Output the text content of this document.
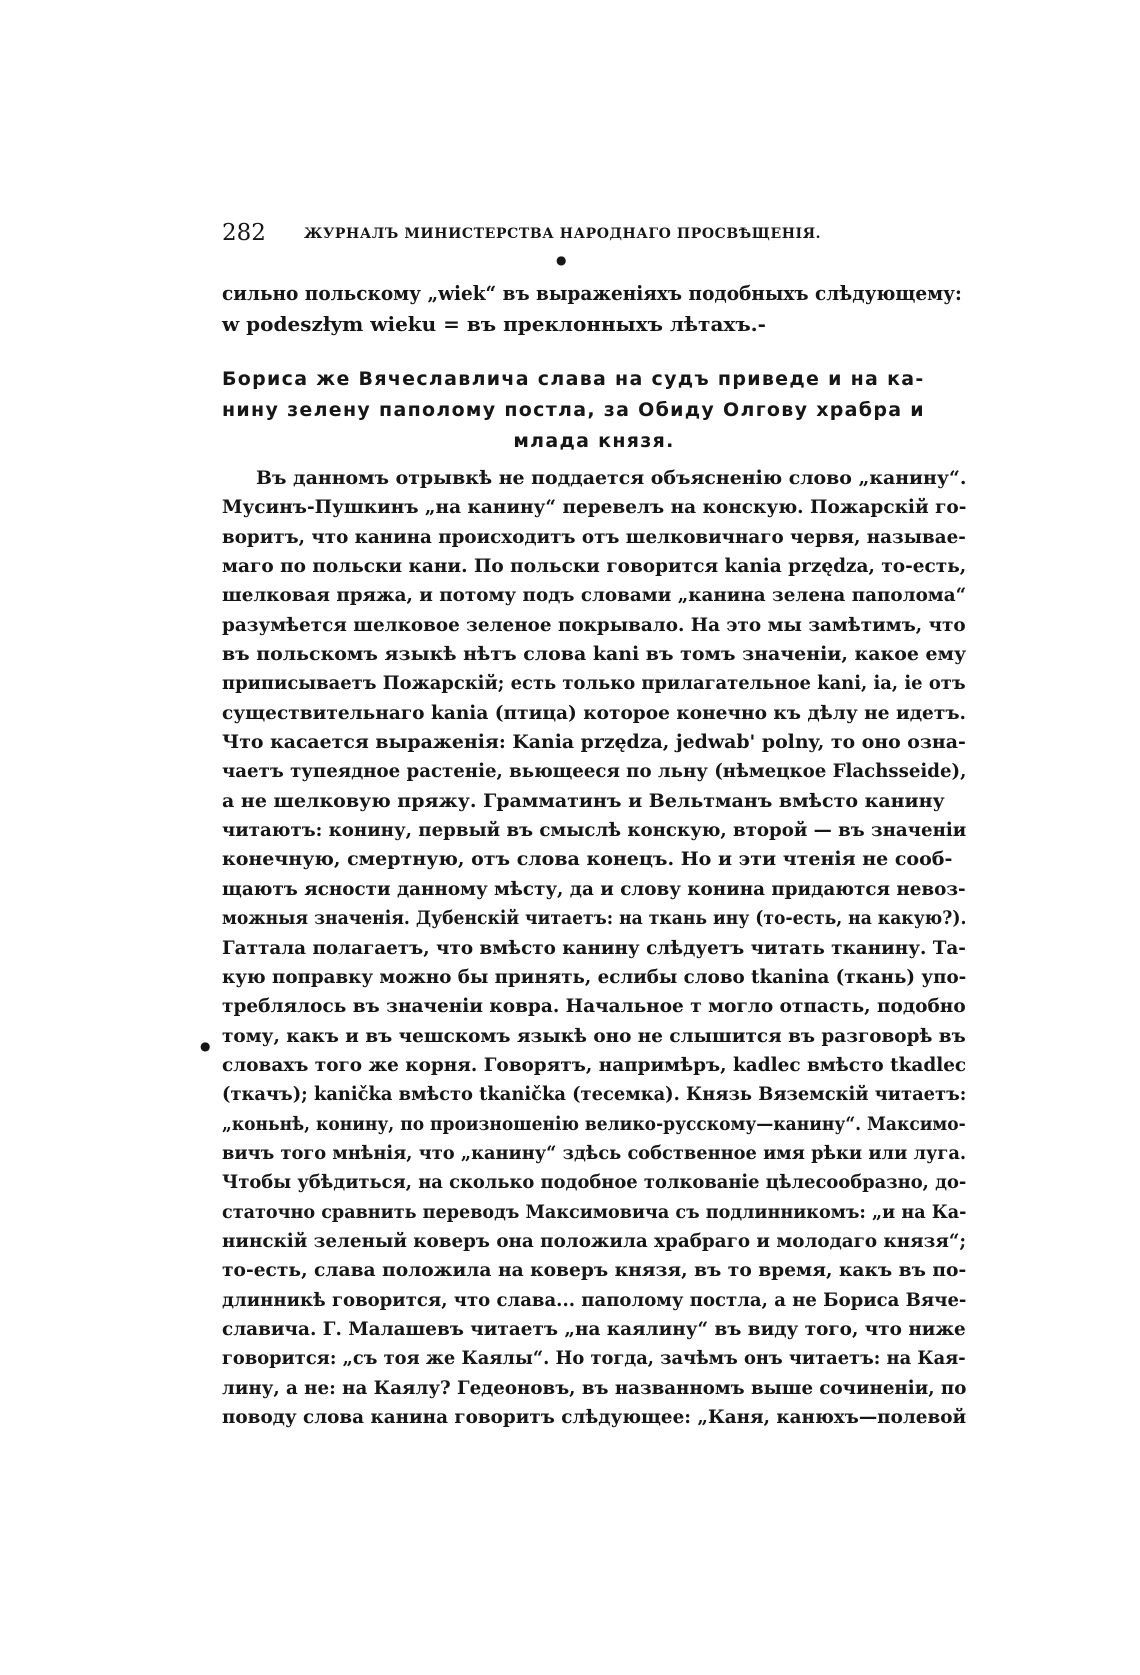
282	ЖУРНАЛЪ МИНИСТЕРСТВА НАРОДНАГО ПРОСВѢЩЕНІЯ.
●
●

сильно польскому „wiek“ въ выраженіяхъ подобныхъ слѣдующему:

w podeszłym wieku = въ преклонныхъ лѣтахъ.-

Бориса же Вячеславлича слава на судъ приведе и на ка-

нину зелену паполому постла, за Обиду Олгову храбра и

млада князя.

Въ данномъ отрывкѣ не поддается объясненію слово „канину“.

Мусинъ-Пушкинъ „на канину“ перевелъ на конскую. Пожарскій го-

воритъ, что канина происходитъ отъ шелковичнаго червя, называе-

маго по польски кани. По польски говорится kania przędza, то-есть,

шелковая пряжа, и потому подъ словами „канина зелена паполома“

разумѣется шелковое зеленое покрывало. На это мы замѣтимъ, что

въ польскомъ языкѣ нѣтъ слова kani въ томъ значеніи, какое ему

приписываетъ Пожарскій; есть только прилагательное kani, ia, ie отъ

существительнаго kania (птица) которое конечно къ дѣлу не идетъ.

Что касается выраженія: Kania przędza, jedwab' polny, то оно озна-

чаетъ тупеядное растеніе, вьющееся по льну (нѣмецкое Flachsseide),

а не шелковую пряжу. Грамматинъ и Вельтманъ вмѣсто канину

читаютъ: конину, первый въ смыслѣ конскую, второй — въ значеніи

конечную, смертную, отъ слова конецъ. Но и эти чтенія не сооб-

щаютъ ясности данному мѣсту, да и слову конина придаются невоз-

можныя значенія. Дубенскій читаетъ: на ткань ину (то-есть, на какую?).

Гаттала полагаетъ, что вмѣсто канину слѣдуетъ читать тканину. Та-

кую поправку можно бы принять, еслибы слово tkanina (ткань) упо-

треблялось въ значеніи ковра. Начальное т могло отпасть, подобно

тому, какъ и въ чешскомъ языкѣ оно не слышится въ разговорѣ въ

словахъ того же корня. Говорятъ, напримѣръ, kadlec вмѣсто tkadlec

(ткачъ); kanička вмѣсто tkanička (тесемка). Князь Вяземскій читаетъ:

„коньнѣ, конину, по произношенію велико-русскому—канину“. Максимо-

вичъ того мнѣнія, что „канину“ здѣсь собственное имя рѣки или луга.

Чтобы убѣдиться, на сколько подобное толкованіе цѣлесообразно, до-

статочно сравнить переводъ Максимовича съ подлинникомъ: „и на Ка-

нинскій зеленый коверъ она положила храбраго и молодаго князя“;

то-есть, слава положила на коверъ князя, въ то время, какъ въ по-

длинникѣ говорится, что слава... паполому постла, а не Бориса Вяче-

славича. Г. Малашевъ читаетъ „на каялину“ въ виду того, что ниже

говорится: „съ тоя же Каялы“. Но тогда, зачѣмъ онъ читаетъ: на Кая-

лину, а не: на Каялу? Гедеоновъ, въ названномъ выше сочиненіи, по

поводу слова канина говоритъ слѣдующее: „Каня, канюхъ—полевой
